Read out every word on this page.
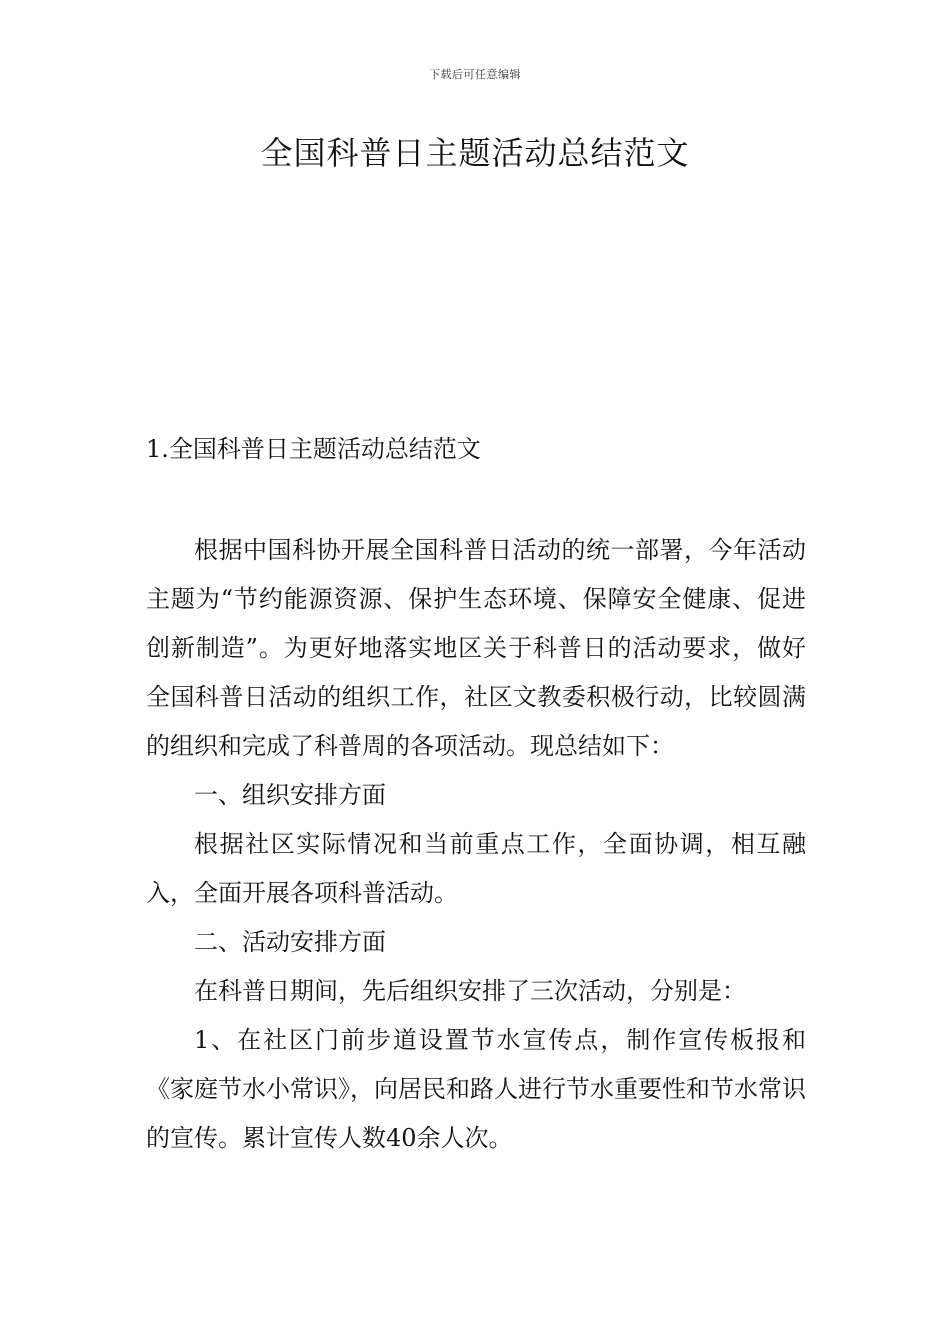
下载后可任意编辑
全国科普日主题活动总结范文
1.全国科普日主题活动总结范文

根据中国科协开展全国科普日活动的统一部署，今年活动主题为“节约能源资源、保护生态环境、保障安全健康、促进创新制造”。为更好地落实地区关于科普日的活动要求，做好全国科普日活动的组织工作，社区文教委积极行动，比较圆满的组织和完成了科普周的各项活动。现总结如下：

一、组织安排方面

根据社区实际情况和当前重点工作，全面协调，相互融入，全面开展各项科普活动。

二、活动安排方面

在科普日期间，先后组织安排了三次活动，分别是：

1、在社区门前步道设置节水宣传点，制作宣传板报和《家庭节水小常识》，向居民和路人进行节水重要性和节水常识的宣传。累计宣传人数40余人次。
